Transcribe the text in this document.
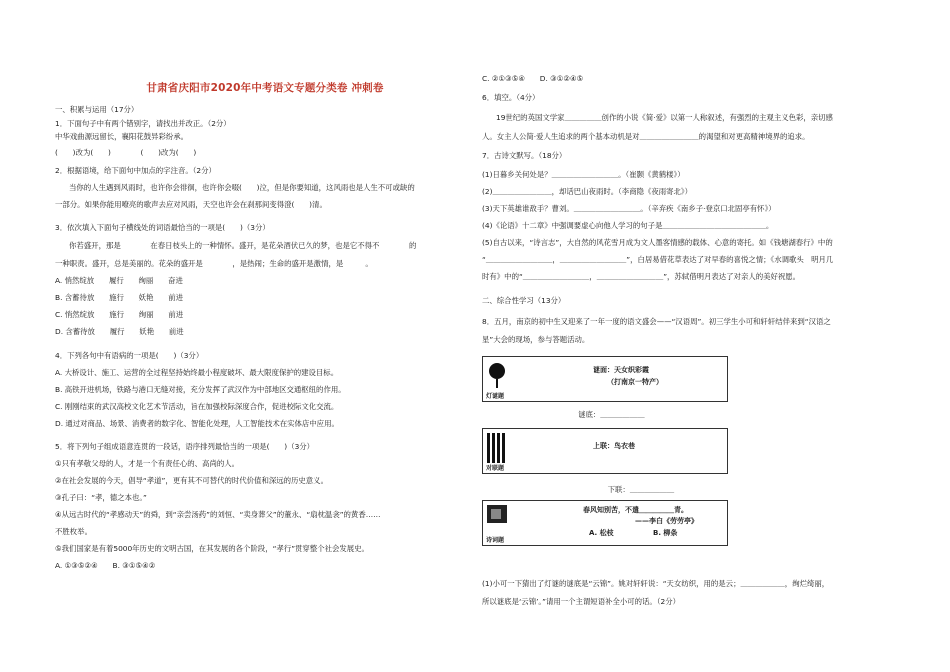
甘肃省庆阳市2020年中考语文专题分类卷 冲刺卷
一、积累与运用（17分）
1．下面句子中有两个错别字，请找出并改正。（2分）
中华戏曲源远留长，襄阳花鼓异彩纷承。
(　　)改为(　　)　　　　(　　)改为(　　)
2．根据语境，给下面句中加点的字注音。（2分）
当你的人生遇到风雨时，也许你会徘徊，也许你会啜(　　)泣，但是你要知道，这风雨也是人生不可或缺的
一部分。如果你能用嘹亮的歌声去应对风雨，天空也许会在刹那间变得澄(　　)清。
3．依次填入下面句子横线处的词语最恰当的一项是(　　)（3分）
你若盛开，那是　　　　在春日枝头上的一种情怀。盛开，是花朵酒伏已久的梦，也是它不得不　　　　的
一种职责。盛开，总是美丽的。花朵的盛开是　　　　，是热闹；生命的盛开是激情，是　　　。
A. 悄然绽放　　履行　　绚丽　　奋进
B. 含蓄待放　　施行　　妖艳　　前进
C. 悄然绽放　　施行　　绚丽　　前进
D. 含蓄待放　　履行　　妖艳　　前进
4．下列各句中有语病的一项是(　　)（3分）
A. 大桥设计、施工、运营的全过程坚持始终最小程度破坏、最大限度保护的建设目标。
B. 高铁开进机场，铁路与港口无缝对接，充分发挥了武汉作为中部地区交通枢纽的作用。
C. 刚刚结束的武汉高校文化艺术节活动，旨在加强校际深度合作，促进校际文化交流。
D. 通过对商品、场景、消费者的数字化、智能化处理，人工智能技术在实体店中应用。
5．将下列句子组成语意连贯的一段话，语序排列最恰当的一项是(　　)（3分）
①只有孝敬父母的人，才是一个有责任心的、高尚的人。
②在社会发展的今天，倡导“孝道”，更有其不可替代的时代价值和深远的历史意义。
③孔子曰：“孝，德之本也。”
④从远古时代的“孝感动天”的舜，到“亲尝汤药”的刘恒、“卖身葬父”的董永、“扇枕温衾”的黄香……
不胜枚举。
⑤我们国家是有着5000年历史的文明古国，在其发展的各个阶段，“孝行”贯穿整个社会发展史。
A. ①③⑤②④　　B. ③①⑤④②
C. ②①③⑤④　　D. ③①②④⑤
6．填空。（4分）
19世纪的英国文学家＿＿＿＿＿创作的小说《简·爱》以第一人称叙述，有强烈的主观主义色彩，亲切感
人。女主人公简·爱人生追求的两个基本动机是对＿＿＿＿＿＿＿＿的渴望和对更高精神境界的追求。
7．古诗文默写。（18分）
(1)日暮乡关何处是？＿＿＿＿＿＿＿＿＿。（崔颢《黄鹤楼》）
(2)＿＿＿＿＿＿＿＿，却话巴山夜雨时。（李商隐《夜雨寄北》）
(3)天下英雄谁敌手？曹刘。＿＿＿＿＿＿＿＿＿。（辛弃疾《南乡子·登京口北固亭有怀》）
(4)《论语》十二章》中强调要虚心向他人学习的句子是＿＿＿＿＿＿＿＿＿＿＿＿＿＿。
(5)自古以来，“诗言志”，大自然的风花雪月成为文人墨客情感的载体、心意的寄托。如《钱塘湖春行》中的
“＿＿＿＿＿＿＿＿＿，＿＿＿＿＿＿＿＿＿”，白居易借花草表达了对早春的喜悦之情；《水调歌头　明月几
时有》中的“＿＿＿＿＿＿＿＿＿，＿＿＿＿＿＿＿＿＿”，苏轼借明月表达了对亲人的美好祝愿。
二、综合性学习（13分）
8．五月，南京的初中生又迎来了一年一度的语文盛会——“汉语周”。初三学生小可和轩轩结伴来到“汉语之
星”大会的现场，参与答题活动。
　　　　　　　　　　　　　谜底：＿＿＿＿＿＿
　　　　　　　　　　　　　　　　　下联：＿＿＿＿＿＿
(1)小可一下猜出了灯谜的谜底是“云锦”。姚对轩轩说：“天女纺织，用的是云；＿＿＿＿＿＿，绚烂绮丽，
所以谜底是‘云锦’。”请用一个主谓短语补全小可的话。（2分）
灯谜题
谜面：天女织彩霞
（打南京一特产）
对联题
上联：鸟衣巷
诗词题
春风知别苦，不遣＿＿＿＿＿青。
——李白《劳劳亭》
A. 松枝	B. 柳条
